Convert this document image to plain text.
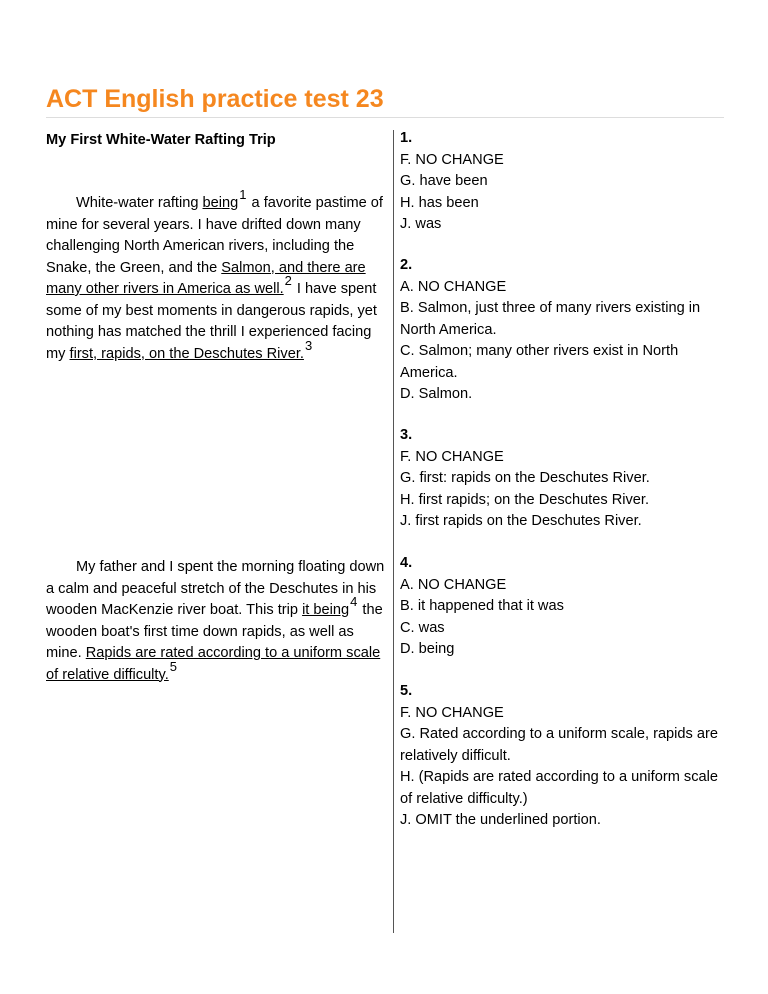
ACT English practice test 23
My First White-Water Rafting Trip

White-water rafting being1 a favorite pastime of mine for several years. I have drifted down many challenging North American rivers, including the Snake, the Green, and the Salmon, and there are many other rivers in America as well.2 I have spent some of my best moments in dangerous rapids, yet nothing has matched the thrill I experienced facing my first, rapids, on the Deschutes River.3

My father and I spent the morning floating down a calm and peaceful stretch of the Deschutes in his wooden MacKenzie river boat. This trip it being4 the wooden boat's first time down rapids, as well as mine. Rapids are rated according to a uniform scale of relative difficulty.5

1.
F. NO CHANGE
G. have been
H. has been
J. was
2.
A. NO CHANGE
B. Salmon, just three of many rivers existing in North America.
C. Salmon; many other rivers exist in North America.
D. Salmon.
3.
F. NO CHANGE
G. first: rapids on the Deschutes River.
H. first rapids; on the Deschutes River.
J. first rapids on the Deschutes River.
4.
A. NO CHANGE
B. it happened that it was
C. was
D. being
5.
F. NO CHANGE
G. Rated according to a uniform scale, rapids are relatively difficult.
H. (Rapids are rated according to a uniform scale of relative difficulty.)
J. OMIT the underlined portion.
